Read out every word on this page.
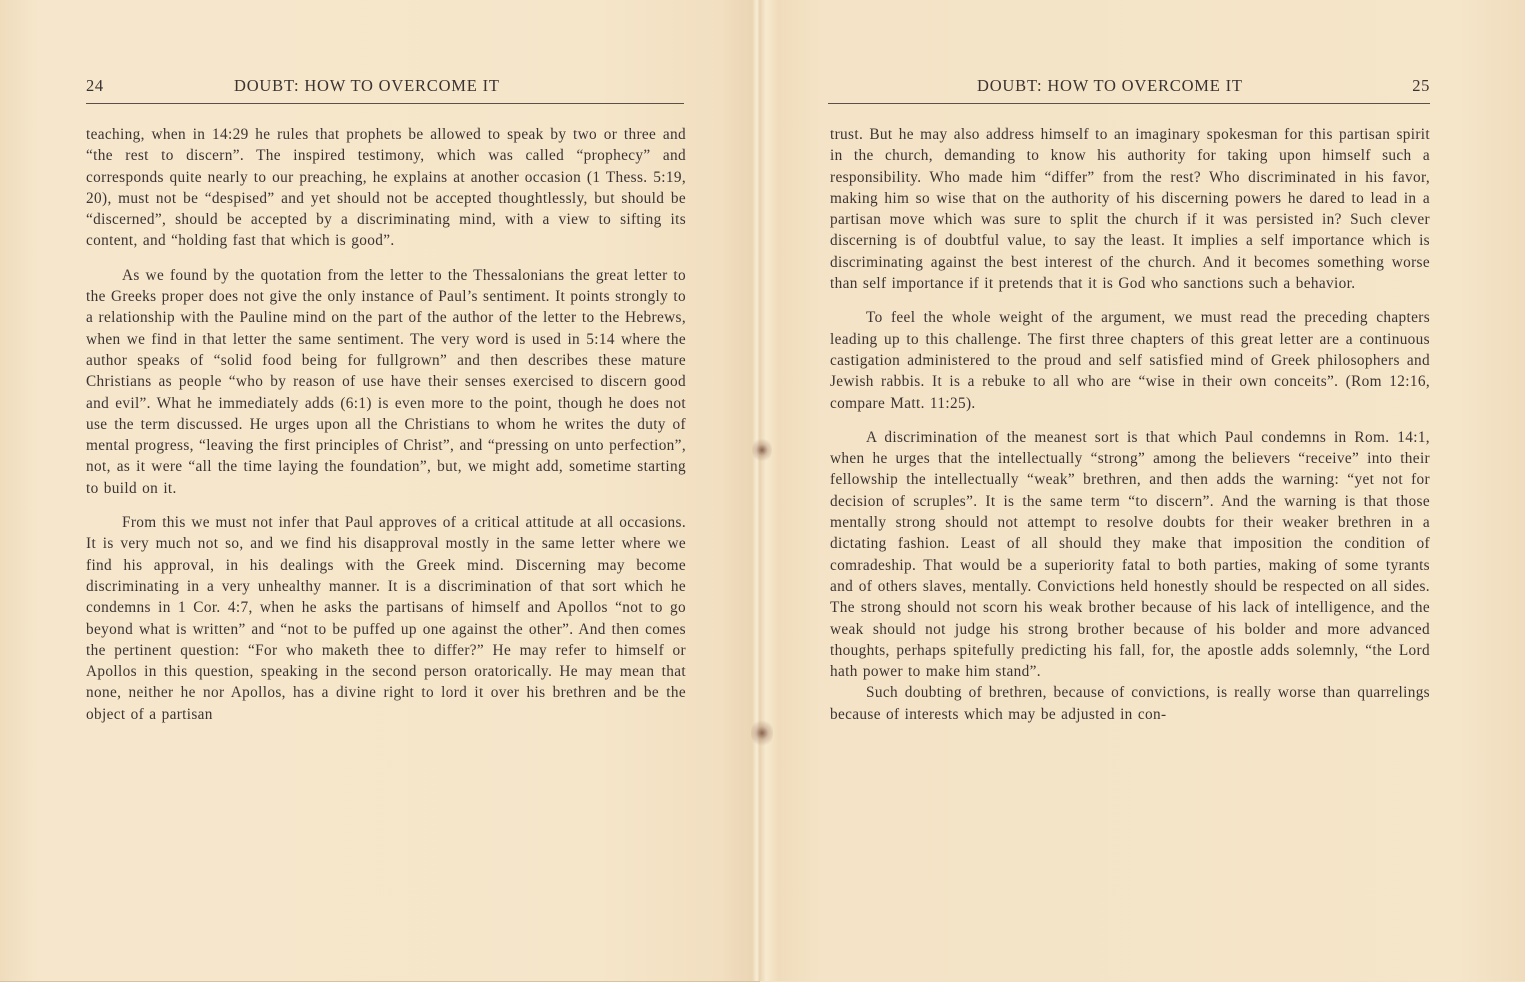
24	DOUBT: HOW TO OVERCOME IT

teaching, when in 14:29 he rules that prophets be allowed to speak by two or three and “the rest to discern”. The inspired testimony, which was called “prophecy” and corresponds quite nearly to our preaching, he explains at another occasion (1 Thess. 5:19, 20), must not be “despised” and yet should not be accepted thoughtlessly, but should be “discerned”, should be accepted by a discriminating mind, with a view to sifting its content, and “holding fast that which is good”.

As we found by the quotation from the letter to the Thessalonians the great letter to the Greeks proper does not give the only instance of Paul’s sentiment. It points strongly to a relationship with the Pauline mind on the part of the author of the letter to the Hebrews, when we find in that letter the same sentiment. The very word is used in 5:14 where the author speaks of “solid food being for fullgrown” and then describes these mature Christians as people “who by reason of use have their senses exercised to discern good and evil”. What he immediately adds (6:1) is even more to the point, though he does not use the term discussed. He urges upon all the Christians to whom he writes the duty of mental progress, “leaving the first principles of Christ”, and “pressing on unto perfection”, not, as it were “all the time laying the foundation”, but, we might add, sometime starting to build on it.

From this we must not infer that Paul approves of a critical attitude at all occasions. It is very much not so, and we find his disapproval mostly in the same letter where we find his approval, in his dealings with the Greek mind. Discerning may become discriminating in a very unhealthy manner. It is a discrimination of that sort which he condemns in 1 Cor. 4:7, when he asks the partisans of himself and Apollos “not to go beyond what is written” and “not to be puffed up one against the other”. And then comes the pertinent question: “For who maketh thee to differ?” He may refer to himself or Apollos in this question, speaking in the second person oratorically. He may mean that none, neither he nor Apollos, has a divine right to lord it over his brethren and be the object of a partisan

DOUBT: HOW TO OVERCOME IT	25

trust. But he may also address himself to an imaginary spokesman for this partisan spirit in the church, demanding to know his authority for taking upon himself such a responsibility. Who made him “differ” from the rest? Who discriminated in his favor, making him so wise that on the authority of his discerning powers he dared to lead in a partisan move which was sure to split the church if it was persisted in? Such clever discerning is of doubtful value, to say the least. It implies a self importance which is discriminating against the best interest of the church. And it becomes something worse than self importance if it pretends that it is God who sanctions such a behavior.

To feel the whole weight of the argument, we must read the preceding chapters leading up to this challenge. The first three chapters of this great letter are a continuous castigation administered to the proud and self satisfied mind of Greek philosophers and Jewish rabbis. It is a rebuke to all who are “wise in their own conceits”. (Rom 12:16, compare Matt. 11:25).

A discrimination of the meanest sort is that which Paul condemns in Rom. 14:1, when he urges that the intellectually “strong” among the believers “receive” into their fellowship the intellectually “weak” brethren, and then adds the warning: “yet not for decision of scruples”. It is the same term “to discern”. And the warning is that those mentally strong should not attempt to resolve doubts for their weaker brethren in a dictating fashion. Least of all should they make that imposition the condition of comradeship. That would be a superiority fatal to both parties, making of some tyrants and of others slaves, mentally. Convictions held honestly should be respected on all sides. The strong should not scorn his weak brother because of his lack of intelligence, and the weak should not judge his strong brother because of his bolder and more advanced thoughts, perhaps spitefully predicting his fall, for, the apostle adds solemnly, “the Lord hath power to make him stand”.

Such doubting of brethren, because of convictions, is really worse than quarrelings because of interests which may be adjusted in con-
